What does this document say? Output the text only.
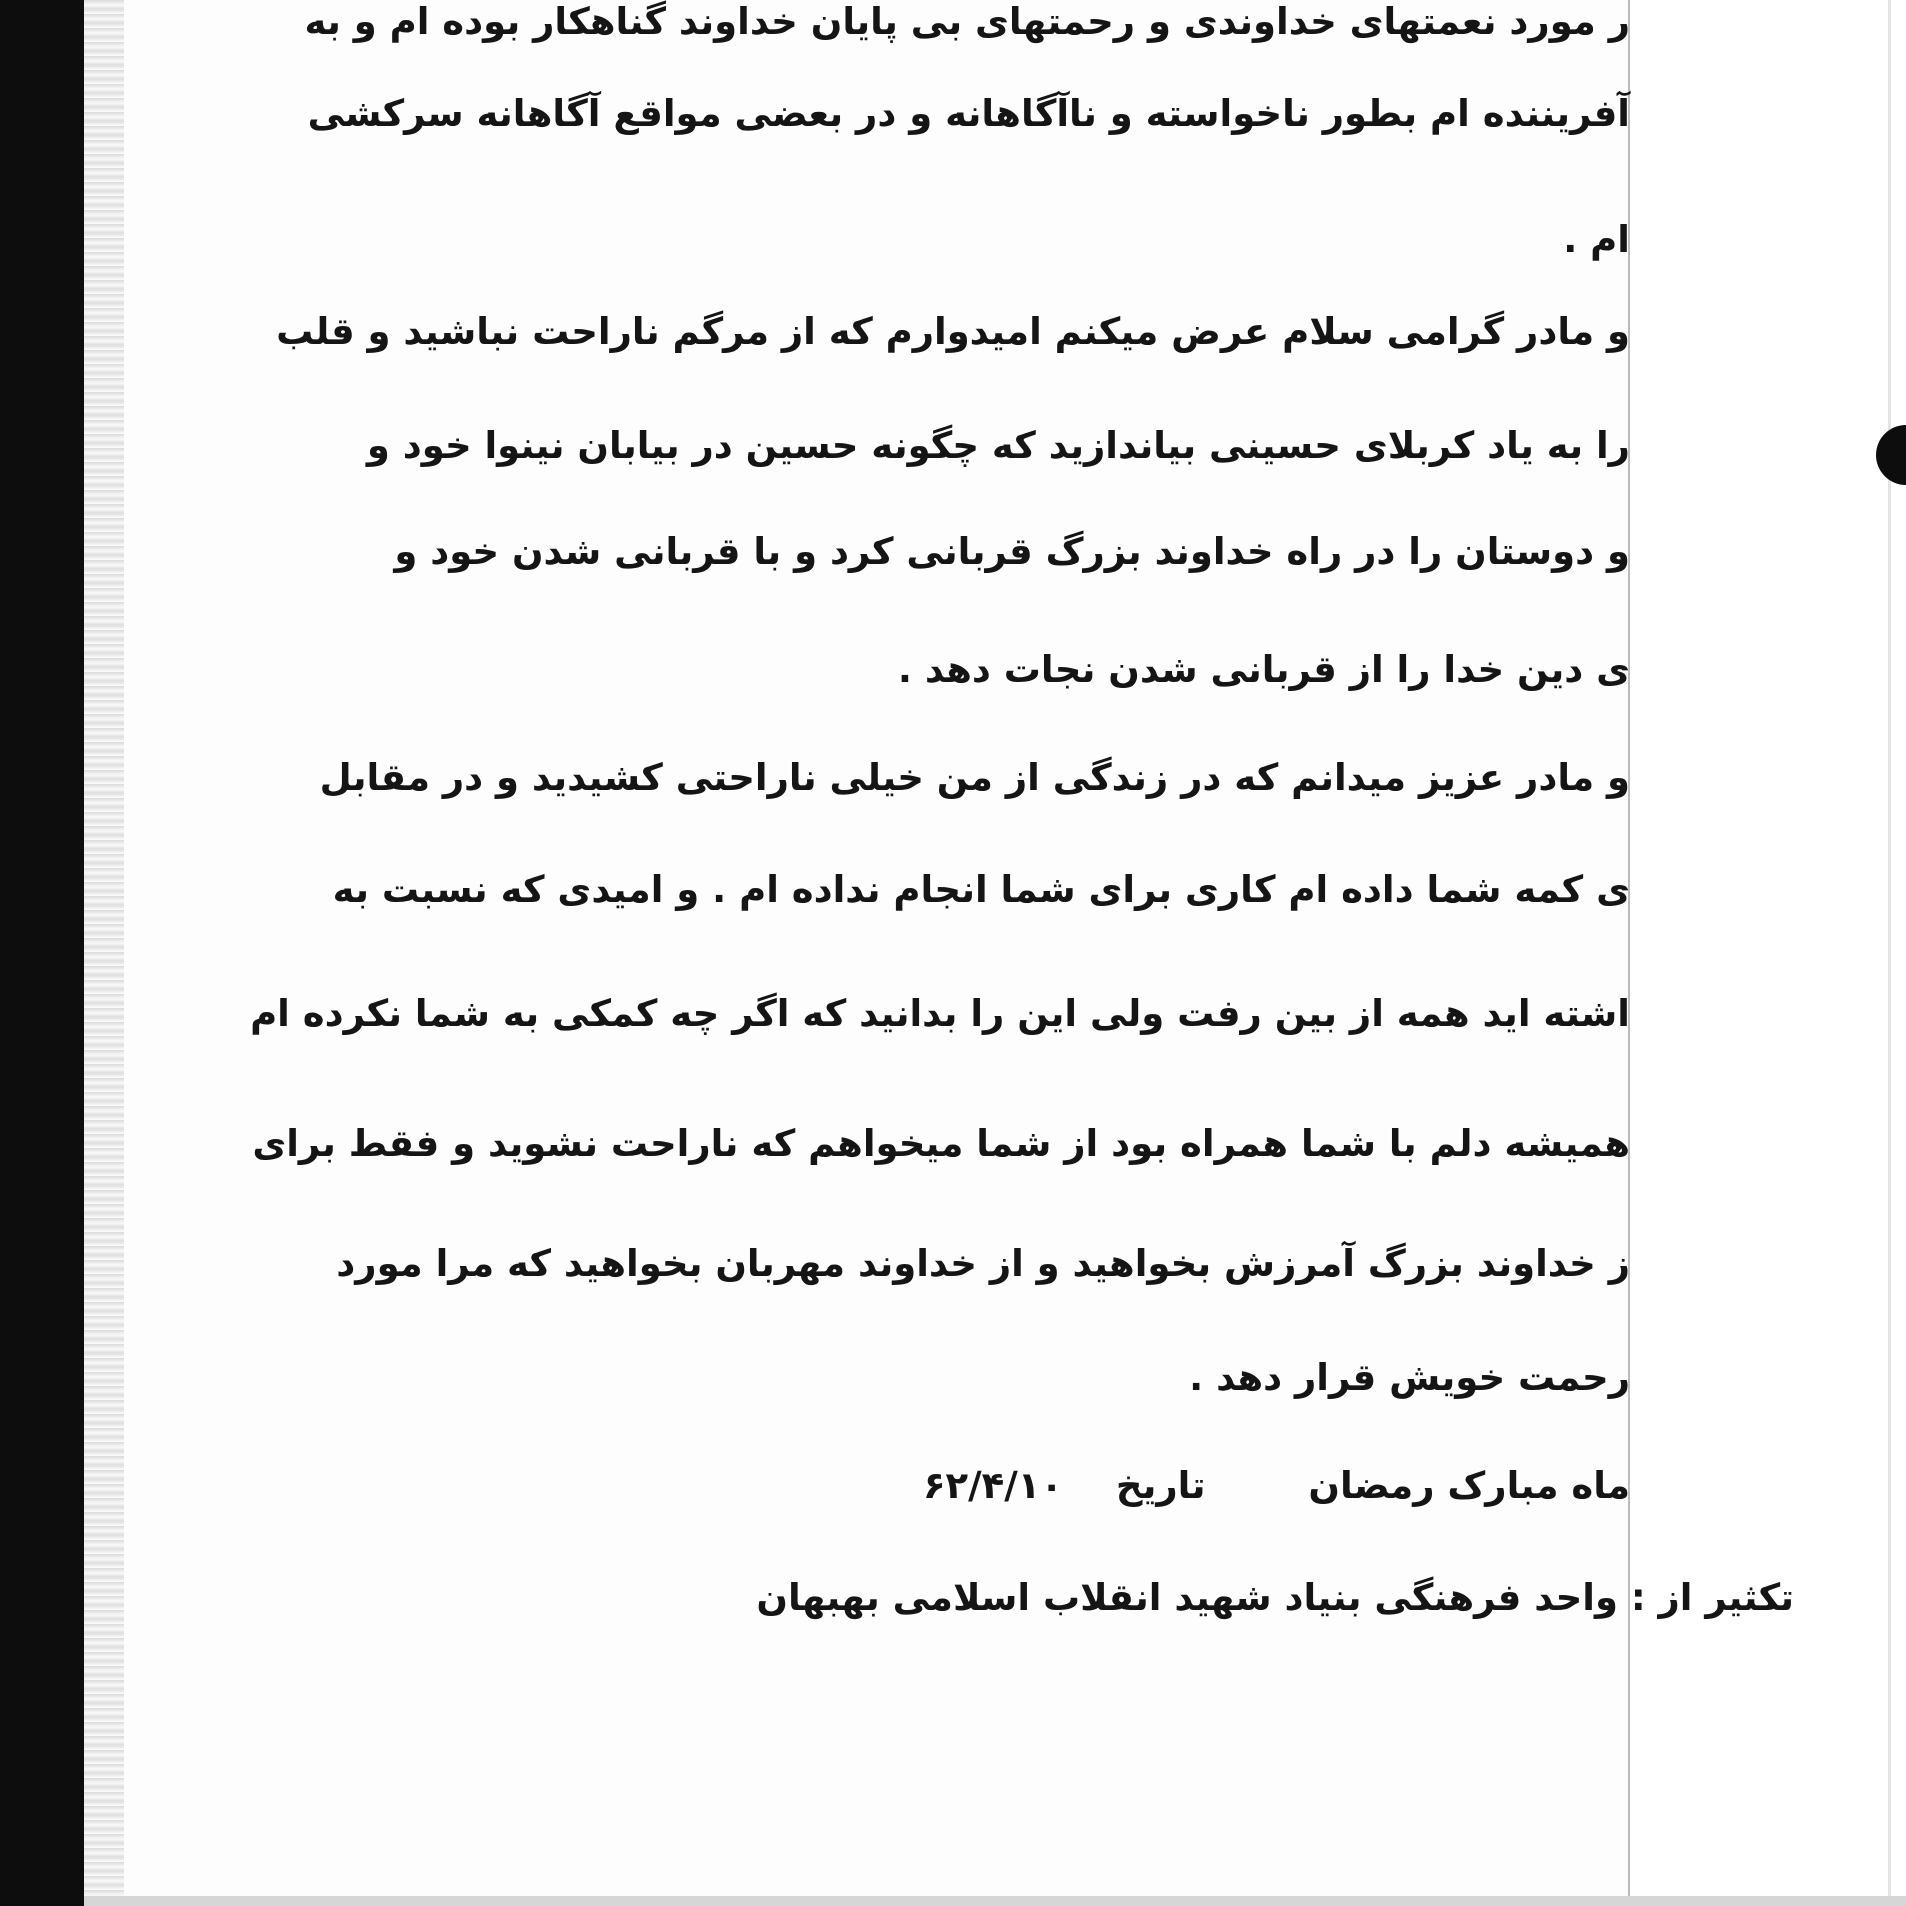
ر مورد نعمتهای خداوندی و رحمتهای بی پایان خداوند گناهکار بوده ام و به
آفریننده ام بطور ناخواسته و ناآگاهانه و در بعضی مواقع آگاهانه سرکشی
ام .
و مادر گرامی سلام عرض میکنم امیدوارم که از مرگم ناراحت نباشید و قلب
را به یاد کربلای حسینی بیاندازید که چگونه حسین در بیابان نینوا خود و
و دوستان را در راه خداوند بزرگ قربانی کرد و با قربانی شدن خود و
ی دین خدا را از قربانی شدن نجات دهد .
و مادر عزیز میدانم که در زندگی از من خیلی ناراحتی کشیدید و در مقابل
ی کمه شما داده ام کاری برای شما انجام نداده ام . و امیدی که نسبت به
اشته اید همه از بین رفت ولی این را بدانید که اگر چه کمکی به شما نکرده ام
همیشه دلم با شما همراه بود از شما میخواهم که ناراحت نشوید و فقط برای
ز خداوند بزرگ آمرزش بخواهید و از خداوند مهربان بخواهید که مرا مورد
رحمت خویش قرار دهد .
ماه مبارک رمضان تاریخ ۶۲/۴/۱۰
تکثیر از : واحد فرهنگی بنیاد شهید انقلاب اسلامی بهبهان
